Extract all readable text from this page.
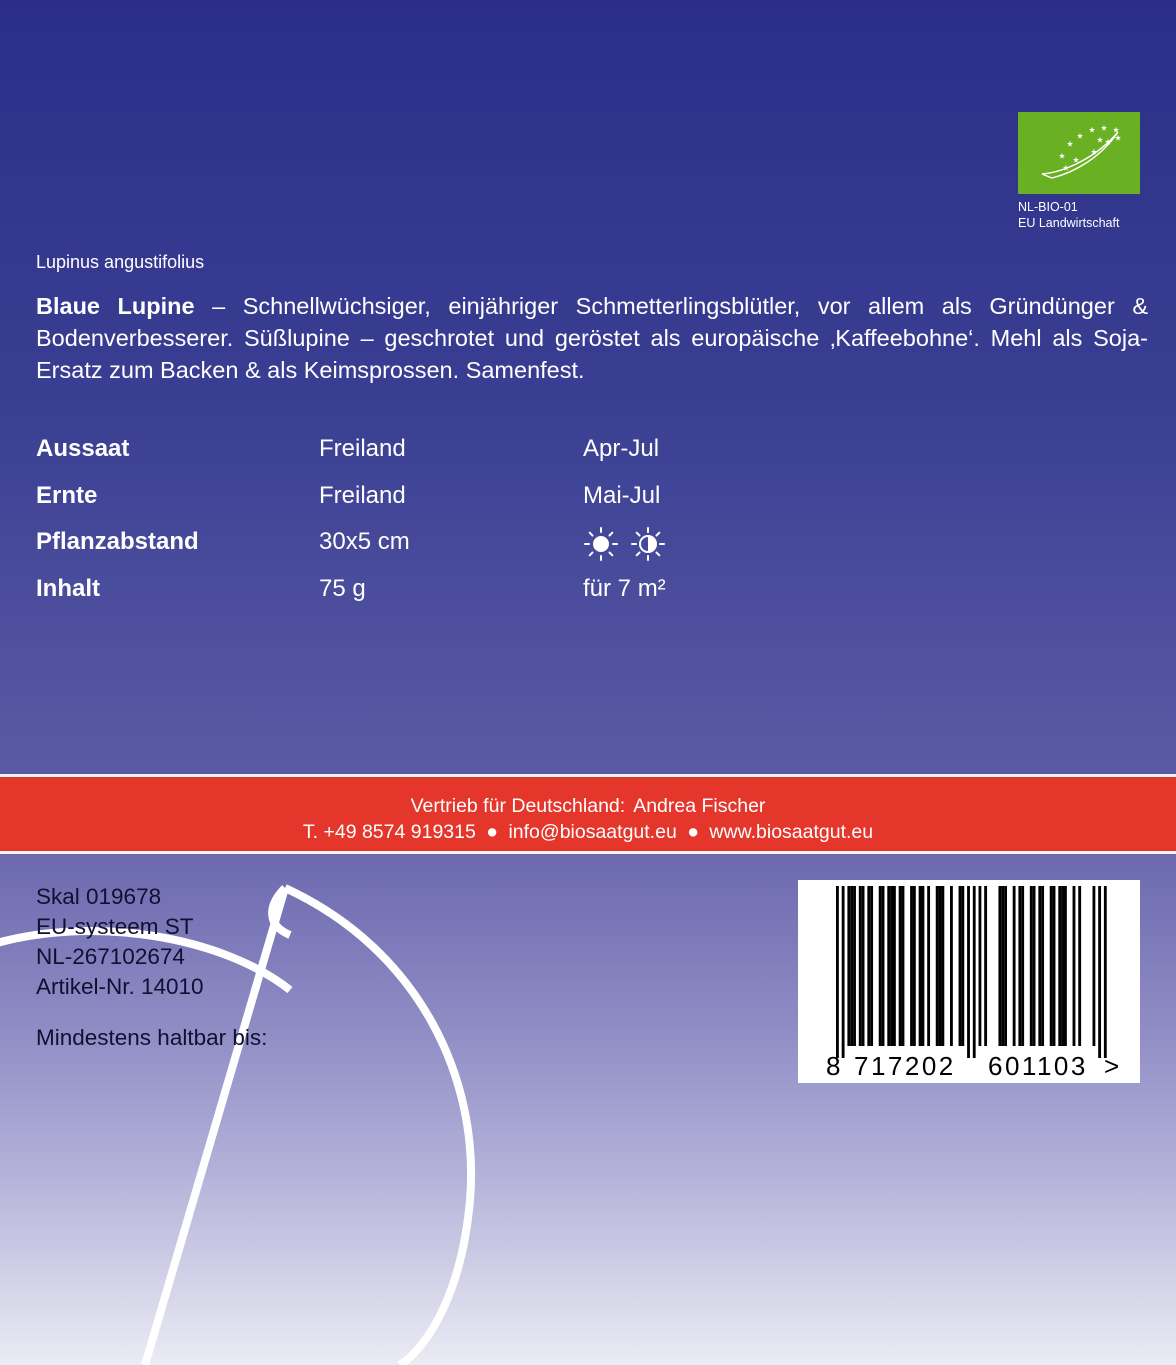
NL-BIO-01
EU Landwirtschaft
Lupinus angustifolius
Blaue Lupine – Schnellwüchsiger, einjähriger Schmetterlingsblütler, vor allem als Gründünger & Bodenverbesserer. Süßlupine – geschrotet und geröstet als europäische ‚Kaffeebohne‘. Mehl als Soja-Ersatz zum Backen & als Keimsprossen. Samenfest.
Aussaat	Freiland	Apr-Jul
Ernte	Freiland	Mai-Jul
Pflanzabstand	30x5 cm
Inhalt	75 g	für 7 m²
Vertrieb für Deutschland: Andrea Fischer
T. +49 8574 919315 ● info@biosaatgut.eu ● www.biosaatgut.eu
Skal 019678
EU-systeem ST
NL-267102674
Artikel-Nr. 14010
Mindestens haltbar bis:
8 717202 601103 >
